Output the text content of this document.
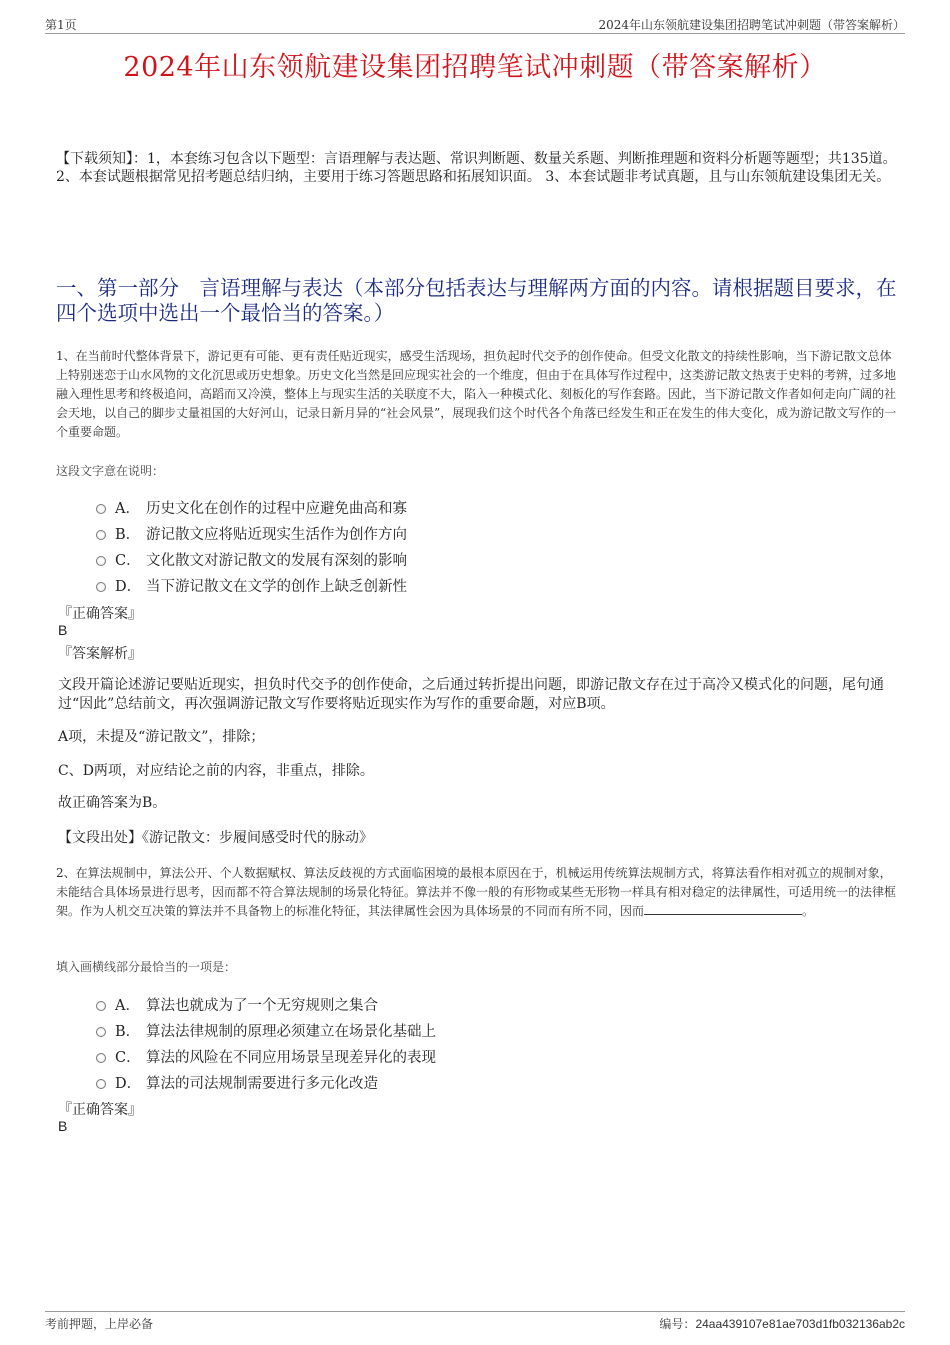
第1页	2024年山东领航建设集团招聘笔试冲刺题（带答案解析）
2024年山东领航建设集团招聘笔试冲刺题（带答案解析）

【下载须知】：1，本套练习包含以下题型：言语理解与表达题、常识判断题、数量关系题、判断推理题和资料分析题等题型；共135道。 2、本套试题根据常见招考题总结归纳，主要用于练习答题思路和拓展知识面。 3、本套试题非考试真题，且与山东领航建设集团无关。

一、第一部分　言语理解与表达（本部分包括表达与理解两方面的内容。请根据题目要求，在四个选项中选出一个最恰当的答案。）

1、在当前时代整体背景下，游记更有可能、更有责任贴近现实，感受生活现场，担负起时代交予的创作使命。但受文化散文的持续性影响，当下游记散文总体上特别迷恋于山水风物的文化沉思或历史想象。历史文化当然是回应现实社会的一个维度，但由于在具体写作过程中，这类游记散文热衷于史料的考辨，过多地融入理性思考和终极追问，高蹈而又冷漠，整体上与现实生活的关联度不大，陷入一种模式化、刻板化的写作套路。因此，当下游记散文作者如何走向广阔的社会天地，以自己的脚步丈量祖国的大好河山，记录日新月异的“社会风景”，展现我们这个时代各个角落已经发生和正在发生的伟大变化，成为游记散文写作的一个重要命题。

这段文字意在说明：
A． 历史文化在创作的过程中应避免曲高和寡
B． 游记散文应将贴近现实生活作为创作方向
C． 文化散文对游记散文的发展有深刻的影响
D． 当下游记散文在文学的创作上缺乏创新性
『正确答案』
B
『答案解析』

文段开篇论述游记要贴近现实，担负时代交予的创作使命，之后通过转折提出问题，即游记散文存在过于高冷又模式化的问题，尾句通过“因此”总结前文，再次强调游记散文写作要将贴近现实作为写作的重要命题，对应B项。

A项，未提及“游记散文”，排除；

C、D两项，对应结论之前的内容，非重点，排除。

故正确答案为B。

【文段出处】《游记散文：步履间感受时代的脉动》

2、在算法规制中，算法公开、个人数据赋权、算法反歧视的方式面临困境的最根本原因在于，机械运用传统算法规制方式，将算法看作相对孤立的规制对象，未能结合具体场景进行思考，因而都不符合算法规制的场景化特征。算法并不像一般的有形物或某些无形物一样具有相对稳定的法律属性，可适用统一的法律框架。作为人机交互决策的算法并不具备物上的标准化特征，其法律属性会因为具体场景的不同而有所不同，因而	。

填入画横线部分最恰当的一项是：
A． 算法也就成为了一个无穷规则之集合
B． 算法法律规制的原理必须建立在场景化基础上
C． 算法的风险在不同应用场景呈现差异化的表现
D． 算法的司法规制需要进行多元化改造
『正确答案』
B
考前押题，上岸必备	编号：24aa439107e81ae703d1fb032136ab2c
